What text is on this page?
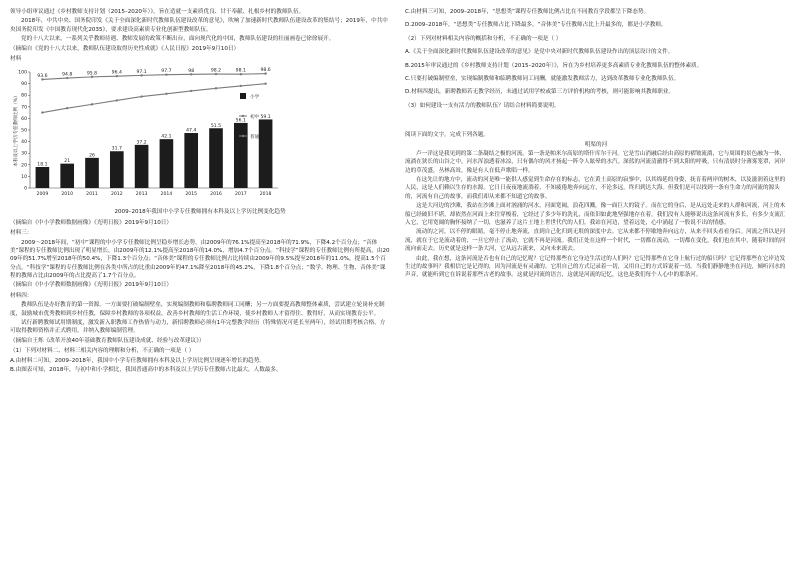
领导小组审议通过《乡村教师支持计划（2015–2020年）》，旨在造就一支素质优良、甘于奉献、扎根乡村的教师队伍。

2018年，中共中央、国务院印发《关于全面深化新时代教师队伍建设改革的意见》，吹响了加速新时代教师队伍建设改革的集结号；2019年，中共中央国务院印发《中国教育现代化2035》，要求建设高素质专业化创新型教师队伍。

党的十八大以来，一系列关乎教师待遇、教师发展的政策不断出台，面向现代化的中国，教师队伍建设的壮丽画卷已徐徐展开。

（摘编自《党的十八大以来，教师队伍建设取得历史性成就》《人民日报》2019年9月10日）

材料

0
10
20
30
40
50
60
70
80
90
100
本科及以上学历专任教师比例（%）	18.1
21
26
31.7
37.2
42.1
47.4
51.5
56.1
59.1
93.6	94.8	95.8	96.4	97.1	97.7	98	98.2	98.1	98.6
2009	2010	2011	2012	2013	2014	2015	2016	2017	2018
小学
初中
普通高中

2009–2018年我国中小学专任教师拥有本科及以上学历比例变化趋势

（摘编自《中小学教师数据画像》《光明日报》2019年9月10日）

材料三：

2009～2018年间，“初中”课程的中小学专任教师比例呈稳步增长态势，由2009年的76.1%提高至2018年的71.9%，下降4.2个百分点；“音体美”课程的专任教师比例出现了明显增长，由2009年的12.1%提高至2018年的14.0%，增加4.7个百分点。“科技学”课程的专任教师比例有所提高，由2009年的51.7%增至2018年的50.4%，下降1.3个百分点；“音体美”课程的专任教师比例占比持续由2009年的9.5%提至2018年的11.0%，提高1.5个百分点。“科技学”课程的专任教师比例在各类中所占的比重由2009年的47.1%降至2018年的45.2%，下降1.8个百分点；“数学、物理、生物、音体美”课程的教师占比由2009年的占比提高了1.7个百分点。

（摘编自《中小学教师数据画像》《光明日报》2019年9月10日）

材料四：

教师队伍是办好教育的第一资源。一方面要打破编制壁垒，实现编制教师和临聘教师同工同酬；另一方面要提高教师整体素质，尝试建立轮岗补充制度，鼓励城市优秀教师到乡村任教，保障乡村教师的各项权益，改善乡村教师的生活工作环境，使乡村教师人才留得住、教得好，从而实现教育公平。

试行新聘教师试用期制度，激发新入职教师工作热情与动力，新招聘教师必须有1年完整教学经历（特殊情况可延长至两年），经试用期考核合格，方可取得教师资格并正式聘用，并纳入教师编制管理。

（摘编自王烁《改革开放40年基础教育教师队伍建设成就、经验与改革建议》）

（1）下列对材料二、材料三相关内容的理解和分析，不正确的一项是（ ）

A.由材料二可知，2009–2018年，我国中小学专任教师拥有本科及以上学历比例呈现逐年增长的趋势。

B.由图表可知，2018年，与初中和小学相比，我国普通高中的本科及以上学历专任教师占比最大，人数最多。

C.由材料三可知，2009–2018年，“思想类”课程专任教师比例占比在不同教育学段都呈下降态势。

D.2009–2018年，“思想类”专任教师占比下降最多，“音体美”专任教师占比上升最多的，都是小学教师。

（2）下列对材料相关内容的概括和分析，不正确的一项是（ ）

A.《关于全面深化新时代教师队伍建设改革的意见》是党中央对新时代教师队伍建设作出的顶层设计的文件。

B.2015年审议通过的《乡村教师支持计划（2015–2020年）》，旨在为乡村培养更多高素质专业化教师队伍的整体素质。

C.只要打破编制壁垒，实现编制教师和临聘教师同工同酬，就能激发教师活力，达到改革教师专业化教师队伍。

D.材料四提出，新聘教师若无教学经历，未通过试用学校或第三方评价机构的考核，则可能影响其教师职业。

（3）如何建设一支有活力的教师队伍？请结合材料简要说明。

阅读下面的文字，完成下列各题。

明渠的河

卢一洋这是我见到的第二条凝结之极的河流。第一条是帕米尔高原的塔什库尔干河。它是雪山消融后经由高原的褶皱流淌，它与周围的景色融为一体，流淌在狭长的山谷之中，河水浑浊透着冰凉，只有偶尔的风才扬起一阵令人眩晕的水汽。深蓝的河流清澈得不到太阳的呼吸，只有清晨时分薄雾笼罩，河岸边的草茂盛，丛林高耸，像是有人在低声歌唱一样。

在这先让的地方中，流动的河是唯一能供人感觉到生命存在的标志，它在黄土高原的寂寥中，以其绵延的身姿，抚育着两岸的树木，以及滋润着这里的人民，这是人们赖以生存的水源。它日日夜夜地流淌着，不知疲倦地奔向远方，不论多远，终归到达大海。但我们是可以找到一条有生命力的河流的源头的，河流有自己的故事，而我们却从来都不知道它的故事。

这是大河边的沙滩，我站在沙滩上面对汹涌的河水，河面宽阔，浪花四溅，像一面巨大的镜子。而在它的身后，是从远处走来的人群和河流，河上的木船已经破旧不堪，却依然在河面上来往穿梭着，它经过了多少年的洗礼，而依旧如此地坚强地存在着。我们没有人能够说出这条河流有多长，有多少支流汇入它，它用宽阔的胸怀接纳了一切，也滋养了这片土地上世世代代的人们。我站在河边，望着远处，心中涌起了一股说不出的情感。

流动的之河，以不停的眼睛，毫不停止地奔流，直到自己化归到无垠的深度中去。它从来都不停歇地奔向远方，从来不回头看看身后。河流之所以是河流，就在于它是流动着的，一旦它停止了流动，它就不再是河流。我们正处在这样一个时代，一切都在流动，一切都在变化，我们也在其中，随着时间的河流向前走去。历史就是这样一条大河，它从远古流来，又向未来流去。

由此，我在想，这条河流是否也有自己的记忆呢？它记得那些在它身边生活过的人们吗？它记得那些在它身上航行过的船只吗？它记得那些在它岸边发生过的故事吗？我相信它是记得的，因为河流是有灵魂的。它用自己的方式记录着一切，又用自己的方式诉说着一切。当我们静静地坐在河边，倾听河水的声音，就能听到它在诉说着那些古老的故事。这就是河流的语言，这就是河流的记忆，这也是我们每个人心中的那条河。
